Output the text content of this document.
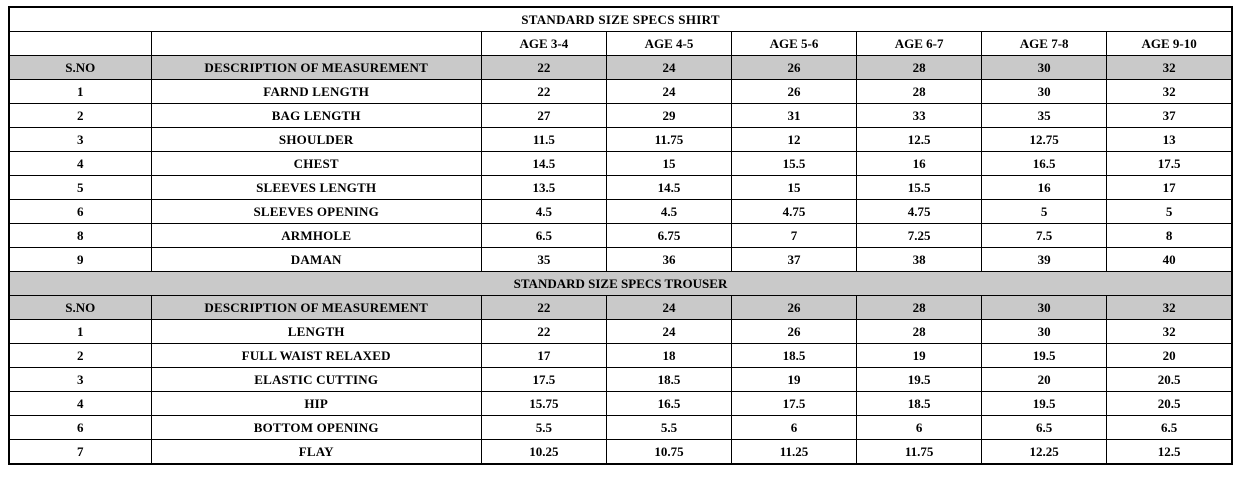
STANDARD SIZE SPECS SHIRT							
		AGE 3-4	AGE 4-5	AGE 5-6	AGE 6-7	AGE 7-8	AGE 9-10
S.NO	DESCRIPTION OF MEASUREMENT	22	24	26	28	30	32
1	FARND LENGTH	22	24	26	28	30	32
2	BAG LENGTH	27	29	31	33	35	37
3	SHOULDER	11.5	11.75	12	12.5	12.75	13
4	CHEST	14.5	15	15.5	16	16.5	17.5
5	SLEEVES LENGTH	13.5	14.5	15	15.5	16	17
6	SLEEVES OPENING	4.5	4.5	4.75	4.75	5	5
8	ARMHOLE	6.5	6.75	7	7.25	7.5	8
9	DAMAN	35	36	37	38	39	40
STANDARD SIZE SPECS TROUSER							
S.NO	DESCRIPTION OF MEASUREMENT	22	24	26	28	30	32
1	LENGTH	22	24	26	28	30	32
2	FULL WAIST RELAXED	17	18	18.5	19	19.5	20
3	ELASTIC CUTTING	17.5	18.5	19	19.5	20	20.5
4	HIP	15.75	16.5	17.5	18.5	19.5	20.5
6	BOTTOM OPENING	5.5	5.5	6	6	6.5	6.5
7	FLAY	10.25	10.75	11.25	11.75	12.25	12.5
